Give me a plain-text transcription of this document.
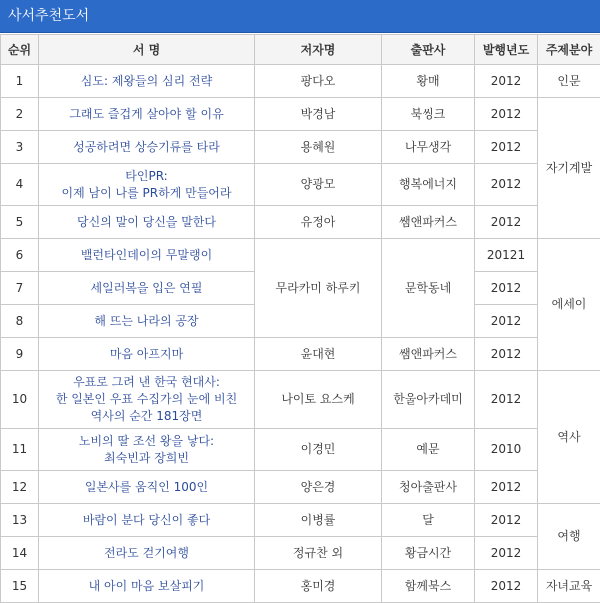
사서추천도서
순위	서 명	저자명	출판사	발행년도	주제분야
1	심도: 제왕들의 심리 전략	팡다오	황매	2012	인문
2	그래도 즐겁게 살아야 할 이유	박경남	북씽크	2012	자기계발
3	성공하려면 상승기류를 타라	용혜원	나무생각	2012	
4	타인PR:
이제 남이 나를 PR하게 만들어라	양광모	행복에너지	2012	
5	당신의 말이 당신을 말한다	유정아	쌤앤파커스	2012	
6	밸런타인데이의 무말랭이	무라카미 하루키	문학동네	20121	에세이
7	세일러복을 입은 연필			2012	
8	해 뜨는 나라의 공장			2012	
9	마음 아프지마	윤대현	쌤앤파커스	2012	
10	우표로 그려 낸 한국 현대사:
한 일본인 우표 수집가의 눈에 비친
역사의 순간 181장면	나이토 요스케	한울아카데미	2012	역사
11	노비의 딸 조선 왕을 낳다:
최숙빈과 장희빈	이경민	예문	2010	
12	일본사를 움직인 100인	양은경	청아출판사	2012	
13	바람이 분다 당신이 좋다	이병률	달	2012	여행
14	전라도 걷기여행	정규찬 외	황금시간	2012	
15	내 아이 마음 보살피기	홍미경	함께북스	2012	자녀교육
